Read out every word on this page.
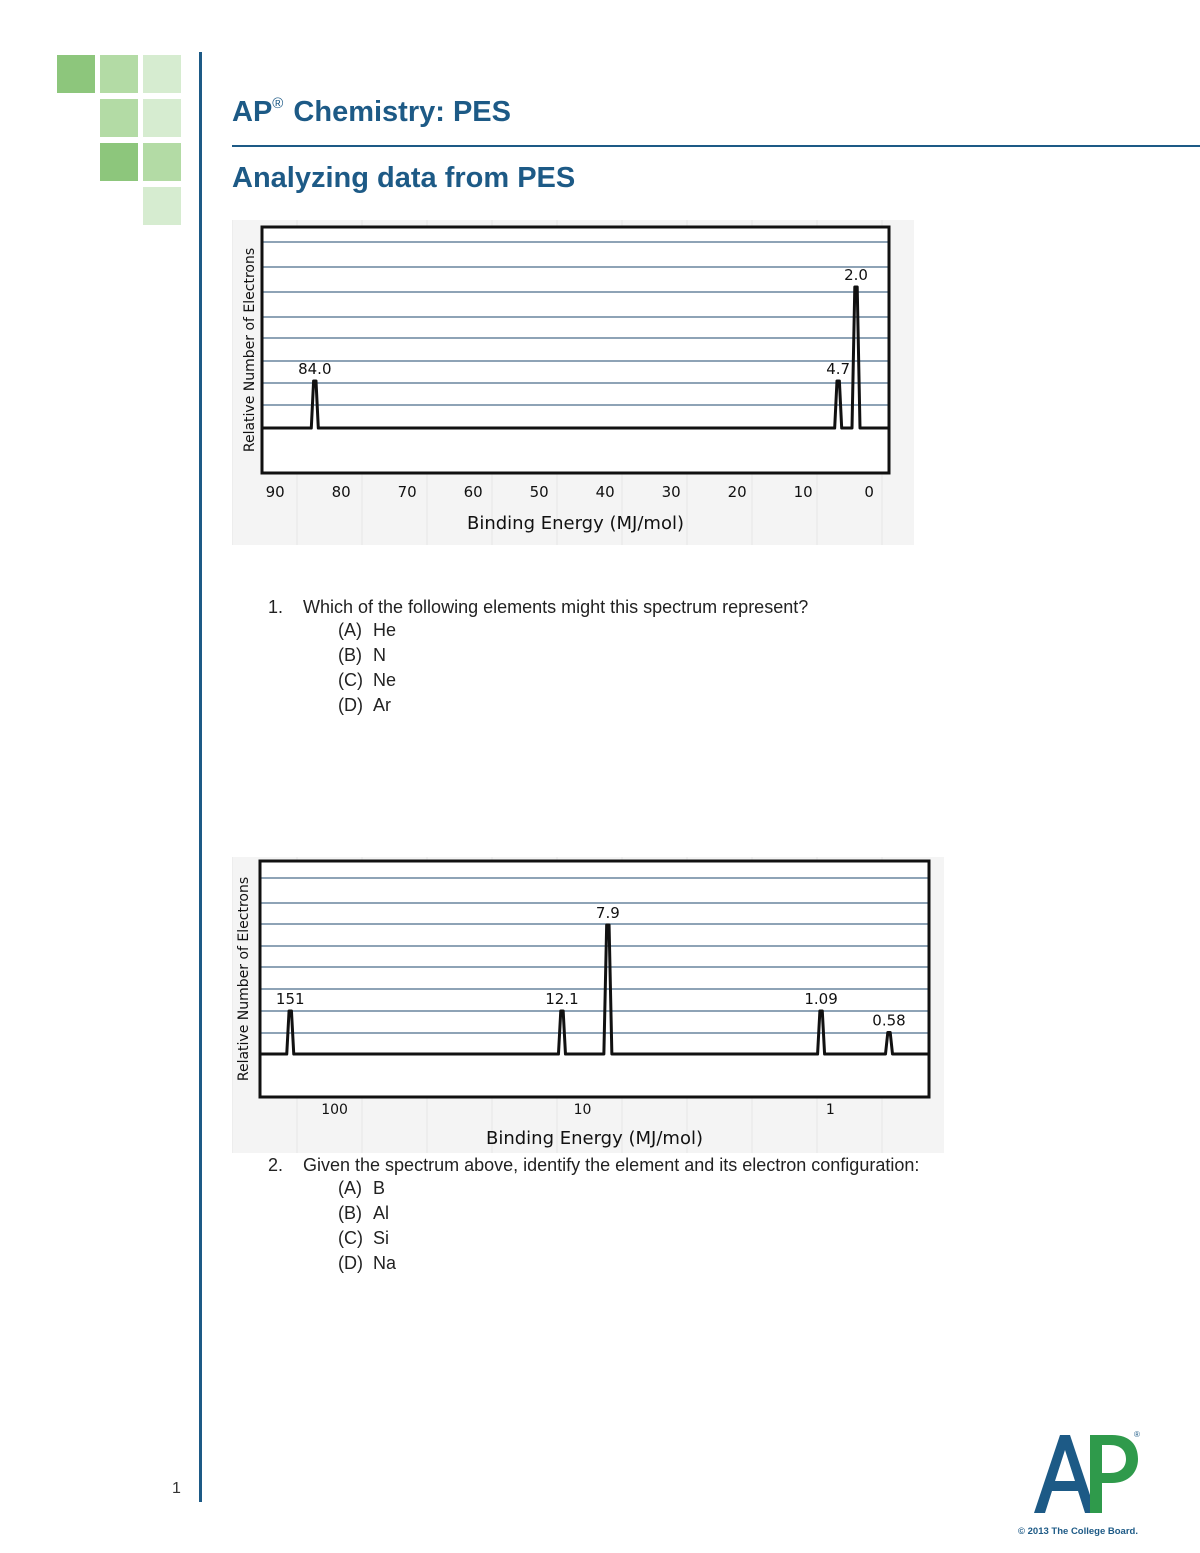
AP® Chemistry: PES
Analyzing data from PES
84.0	4.7
2.0
90	80	70	60	50	40	30	20	10	0
Binding Energy (MJ/mol)
Relative Number of Electrons
1. Which of the following elements might this spectrum represent?
(A) He
(B) N
(C) Ne
(D) Ar
151	12.1
7.9
1.09
0.58
100	10	1
Binding Energy (MJ/mol)
Relative Number of Electrons
2. Given the spectrum above, identify the element and its electron configuration:
(A) B
(B) Al
(C) Si
(D) Na
1
®
© 2013 The College Board.
